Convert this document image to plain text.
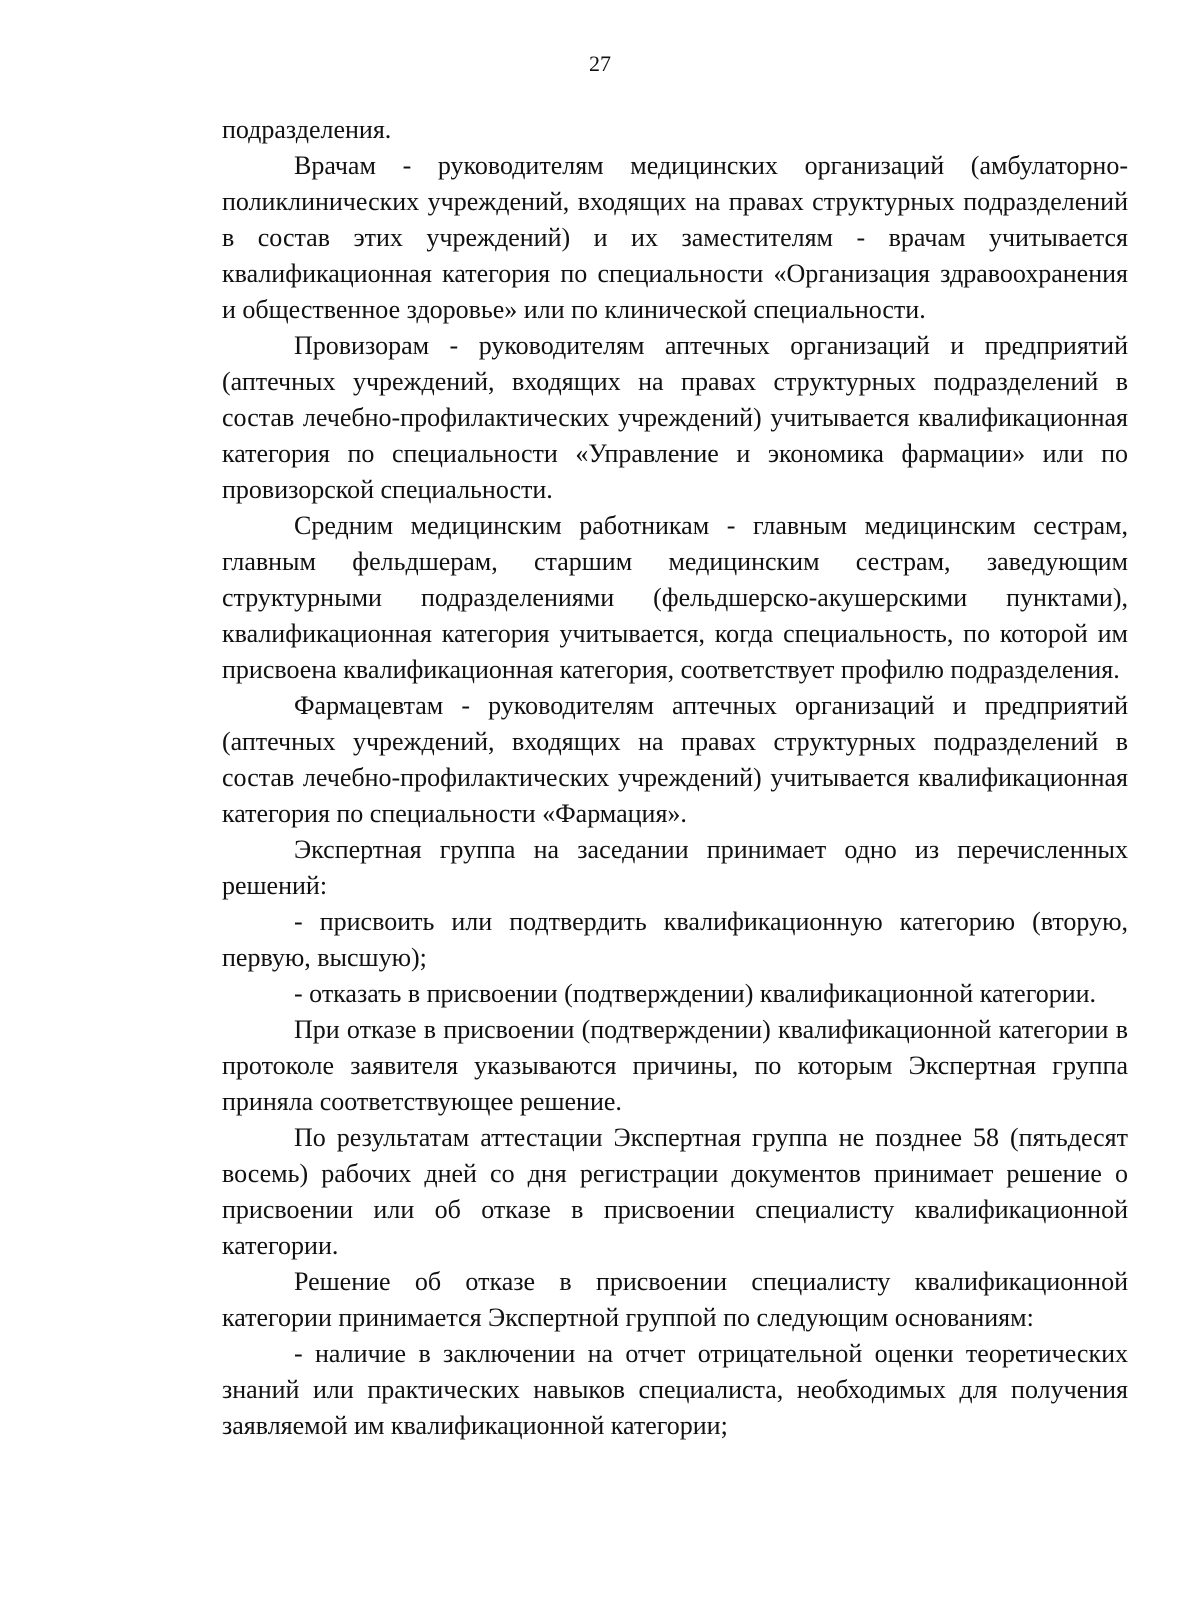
27

подразделения.

Врачам - руководителям медицинских организаций (амбулаторно-поликлинических учреждений, входящих на правах структурных подразделений в состав этих учреждений) и их заместителям - врачам учитывается квалификационная категория по специальности «Организация здравоохранения и общественное здоровье» или по клинической специальности.

Провизорам - руководителям аптечных организаций и предприятий (аптечных учреждений, входящих на правах структурных подразделений в состав лечебно-профилактических учреждений) учитывается квалификационная категория по специальности «Управление и экономика фармации» или по провизорской специальности.

Средним медицинским работникам - главным медицинским сестрам, главным фельдшерам, старшим медицинским сестрам, заведующим структурными подразделениями (фельдшерско-акушерскими пунктами), квалификационная категория учитывается, когда специальность, по которой им присвоена квалификационная категория, соответствует профилю подразделения.

Фармацевтам - руководителям аптечных организаций и предприятий (аптечных учреждений, входящих на правах структурных подразделений в состав лечебно-профилактических учреждений) учитывается квалификационная категория по специальности «Фармация».

Экспертная группа на заседании принимает одно из перечисленных решений:

- присвоить или подтвердить квалификационную категорию (вторую, первую, высшую);

- отказать в присвоении (подтверждении) квалификационной категории.

При отказе в присвоении (подтверждении) квалификационной категории в протоколе заявителя указываются причины, по которым Экспертная группа приняла соответствующее решение.

По результатам аттестации Экспертная группа не позднее 58 (пятьдесят восемь) рабочих дней со дня регистрации документов принимает решение о присвоении или об отказе в присвоении специалисту квалификационной категории.

Решение об отказе в присвоении специалисту квалификационной категории принимается Экспертной группой по следующим основаниям:

- наличие в заключении на отчет отрицательной оценки теоретических знаний или практических навыков специалиста, необходимых для получения заявляемой им квалификационной категории;
